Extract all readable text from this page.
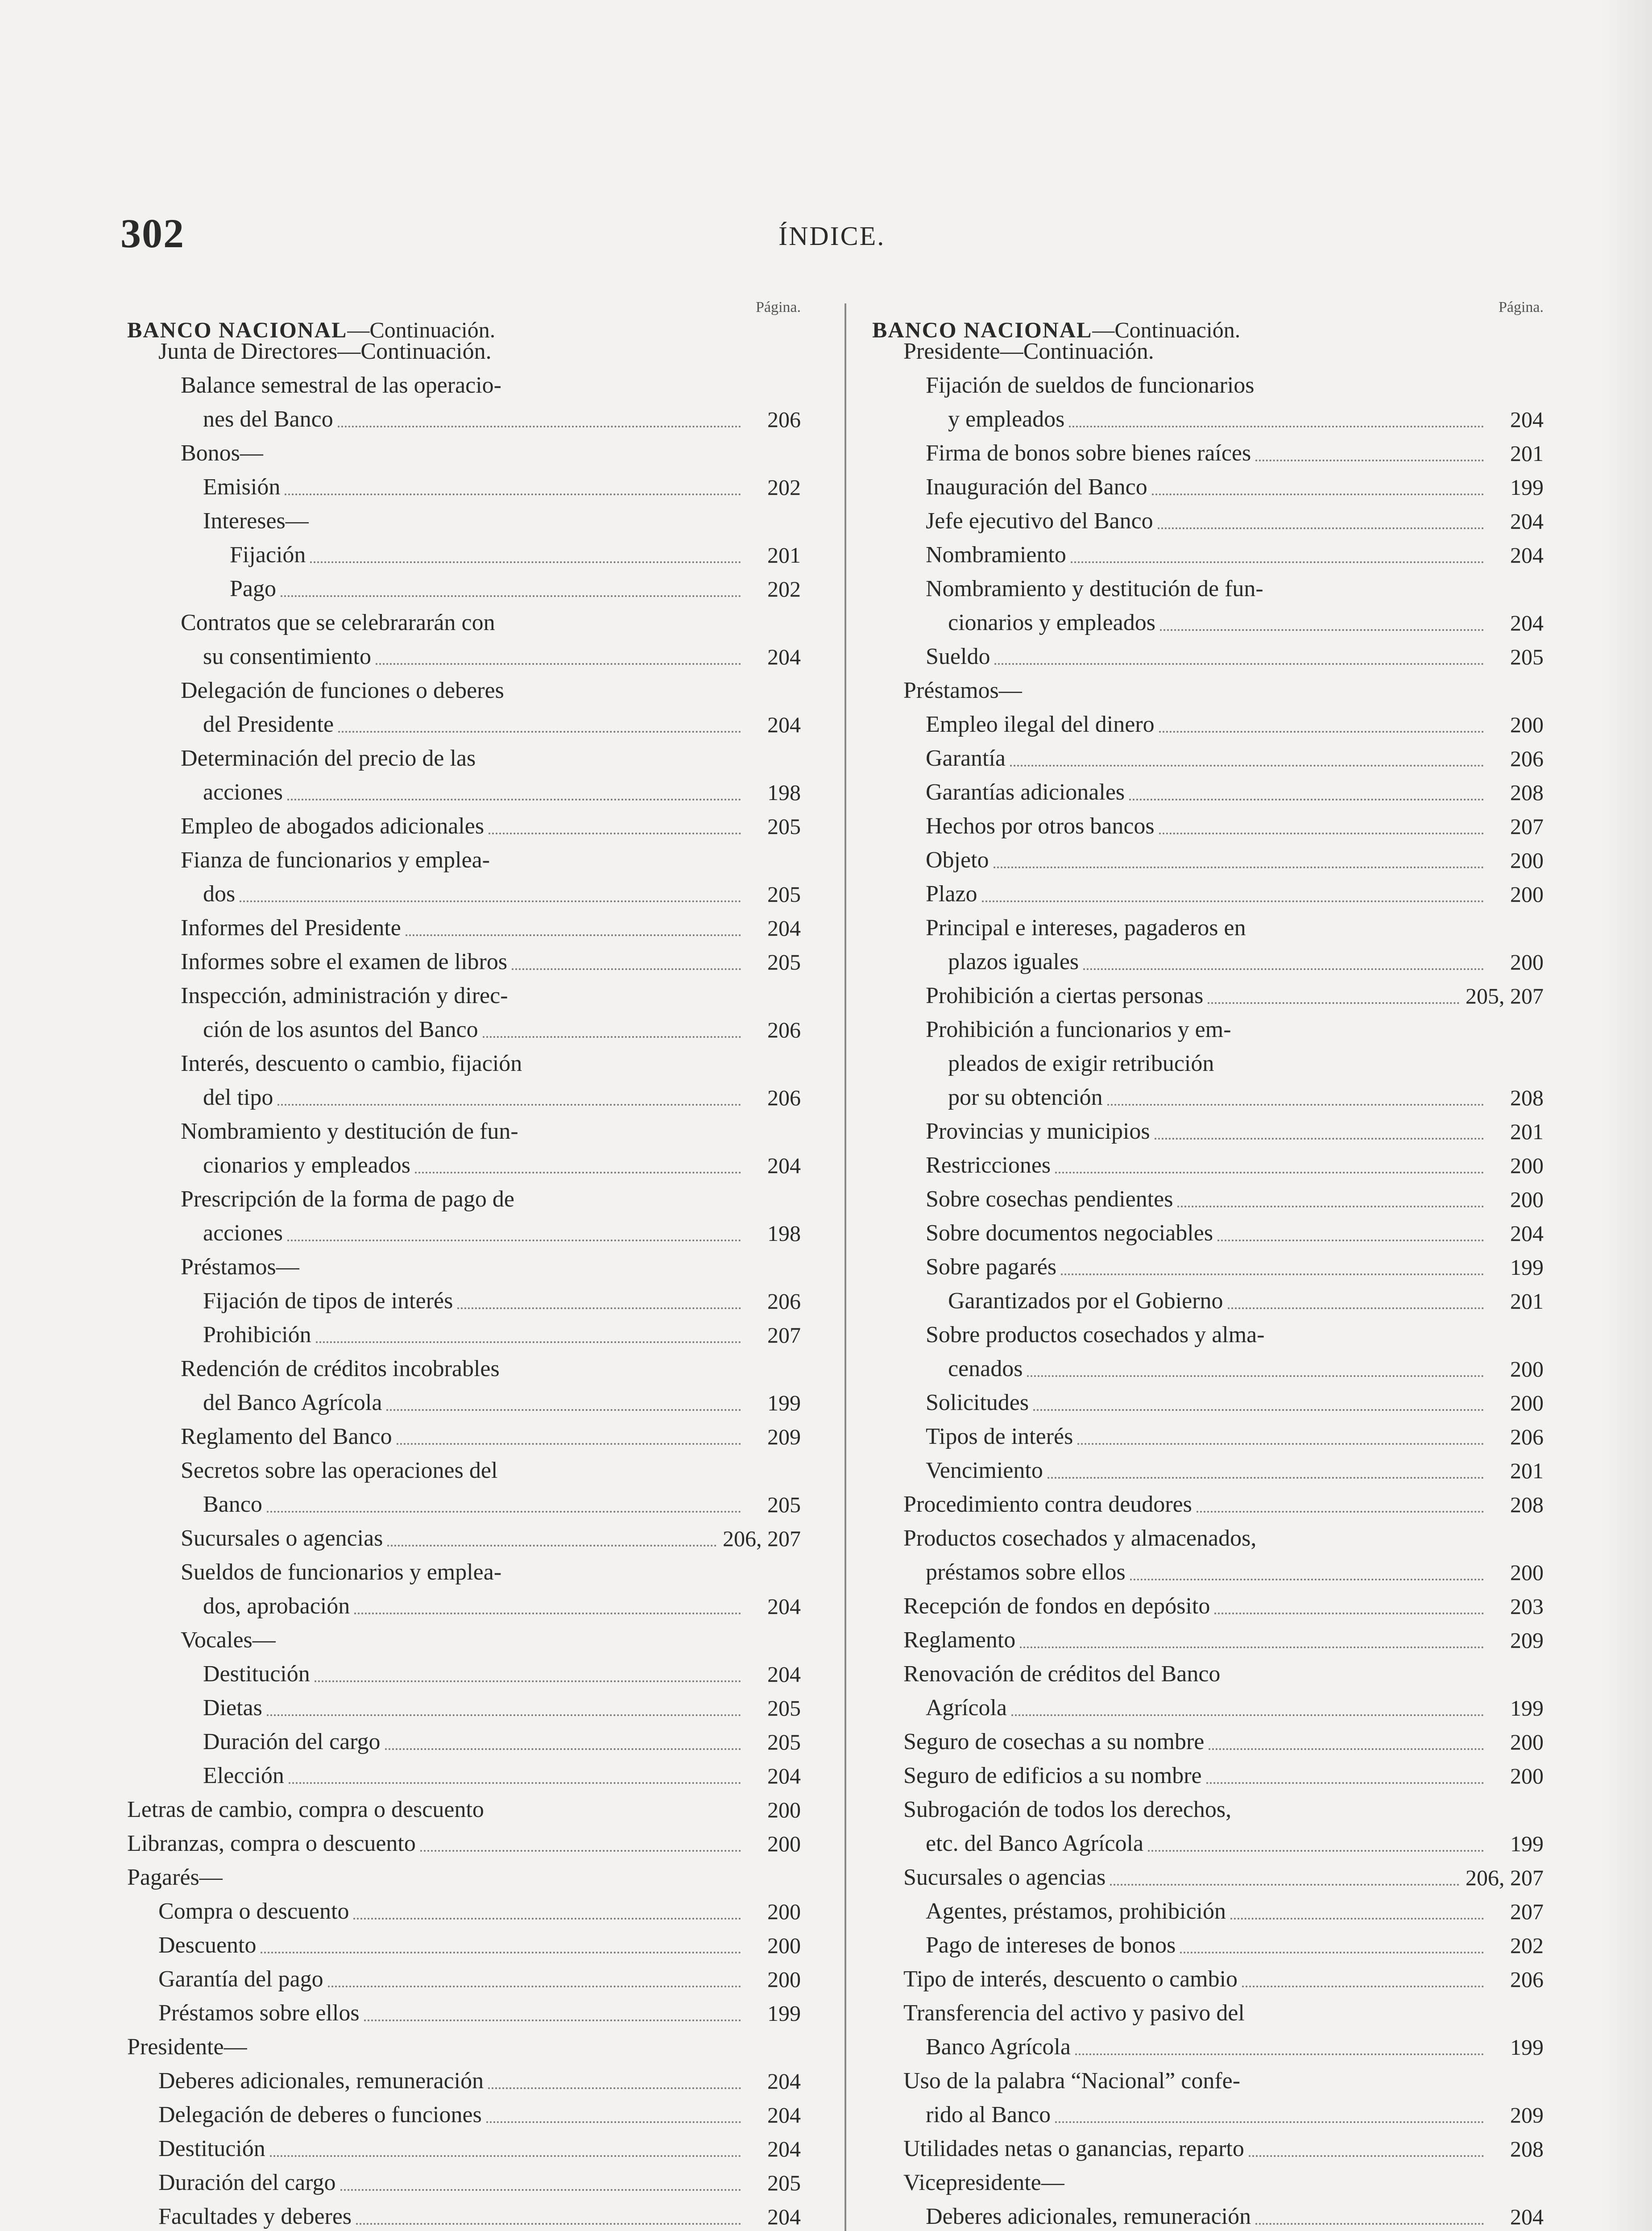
302	ÍNDICE.
Página.
BANCO NACIONAL—Continuación.
Junta de Directores—Continuación.
Balance semestral de las operacio-
nes del Banco	206
Bonos—
Emisión	202
Intereses—
Fijación	201
Pago	202
Contratos que se celebrararán con
su consentimiento	204
Delegación de funciones o deberes
del Presidente	204
Determinación del precio de las
acciones	198
Empleo de abogados adicionales	205
Fianza de funcionarios y emplea-
dos	205
Informes del Presidente	204
Informes sobre el examen de libros	205
Inspección, administración y direc-
ción de los asuntos del Banco	206
Interés, descuento o cambio, fijación
del tipo	206
Nombramiento y destitución de fun-
cionarios y empleados	204
Prescripción de la forma de pago de
acciones	198
Préstamos—
Fijación de tipos de interés	206
Prohibición	207
Redención de créditos incobrables
del Banco Agrícola	199
Reglamento del Banco	209
Secretos sobre las operaciones del
Banco	205
Sucursales o agencias	206, 207
Sueldos de funcionarios y emplea-
dos, aprobación	204
Vocales—
Destitución	204
Dietas	205
Duración del cargo	205
Elección	204
Letras de cambio, compra o descuento	200
Libranzas, compra o descuento	200
Pagarés—
Compra o descuento	200
Descuento	200
Garantía del pago	200
Préstamos sobre ellos	199
Presidente—
Deberes adicionales, remuneración	204
Delegación de deberes o funciones	204
Destitución	204
Duración del cargo	205
Facultades y deberes	204
Página.
BANCO NACIONAL—Continuación.
Presidente—Continuación.
Fijación de sueldos de funcionarios
y empleados	204
Firma de bonos sobre bienes raíces	201
Inauguración del Banco	199
Jefe ejecutivo del Banco	204
Nombramiento	204
Nombramiento y destitución de fun-
cionarios y empleados	204
Sueldo	205
Préstamos—
Empleo ilegal del dinero	200
Garantía	206
Garantías adicionales	208
Hechos por otros bancos	207
Objeto	200
Plazo	200
Principal e intereses, pagaderos en
plazos iguales	200
Prohibición a ciertas personas	205, 207
Prohibición a funcionarios y em-
pleados de exigir retribución
por su obtención	208
Provincias y municipios	201
Restricciones	200
Sobre cosechas pendientes	200
Sobre documentos negociables	204
Sobre pagarés	199
Garantizados por el Gobierno	201
Sobre productos cosechados y alma-
cenados	200
Solicitudes	200
Tipos de interés	206
Vencimiento	201
Procedimiento contra deudores	208
Productos cosechados y almacenados,
préstamos sobre ellos	200
Recepción de fondos en depósito	203
Reglamento	209
Renovación de créditos del Banco
Agrícola	199
Seguro de cosechas a su nombre	200
Seguro de edificios a su nombre	200
Subrogación de todos los derechos,
etc. del Banco Agrícola	199
Sucursales o agencias	206, 207
Agentes, préstamos, prohibición	207
Pago de intereses de bonos	202
Tipo de interés, descuento o cambio	206
Transferencia del activo y pasivo del
Banco Agrícola	199
Uso de la palabra “Nacional” confe-
rido al Banco	209
Utilidades netas o ganancias, reparto	208
Vicepresidente—
Deberes adicionales, remuneración	204
